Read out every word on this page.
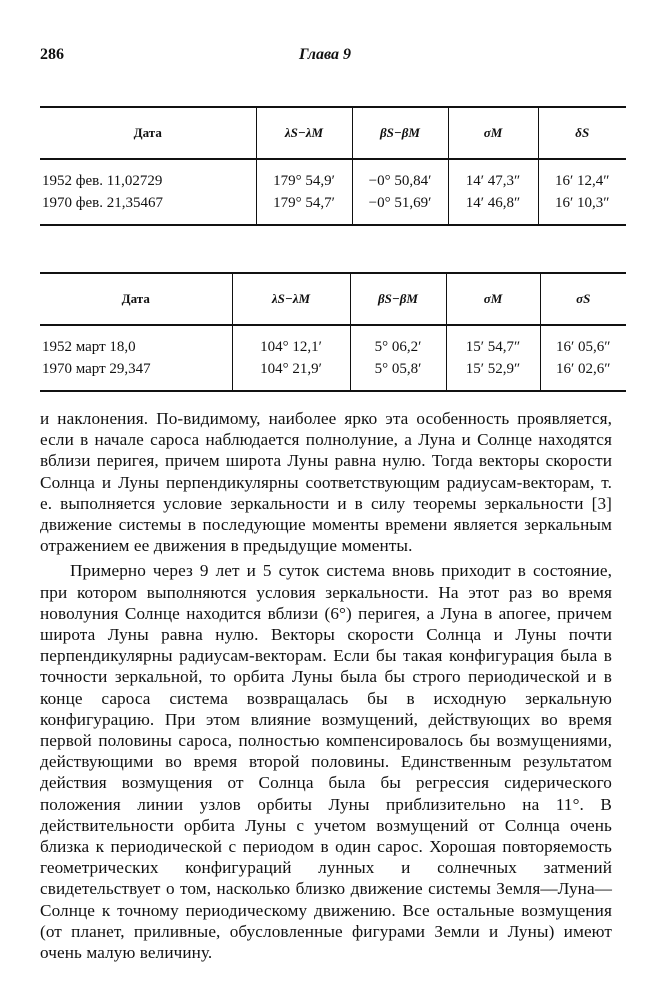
286	Глава 9
Дата	λS−λM	βS−βM	σM	δS

1952 фев. 11,02729	179° 54,9′	−0° 50,84′	14′ 47,3″	16′ 12,4″
1970 фев. 21,35467	179° 54,7′	−0° 51,69′	14′ 46,8″	16′ 10,3″

Дата	λS−λM	βS−βM	σM	σS

1952 март 18,0	104° 12,1′	5° 06,2′	15′ 54,7″	16′ 05,6″
1970 март 29,347	104° 21,9′	5° 05,8′	15′ 52,9″	16′ 02,6″

и наклонения. По-видимому, наиболее ярко эта особенность проявляется, если в начале сароса наблюдается полнолуние, а Луна и Солнце находятся вблизи перигея, причем широта Луны равна нулю. Тогда векторы скорости Солнца и Луны перпендикулярны соответствующим радиусам-векторам, т. е. выполняется условие зеркальности и в силу теоремы зеркальности [3] движение системы в последующие моменты времени является зеркальным отражением ее движения в предыдущие моменты.

Примерно через 9 лет и 5 суток система вновь приходит в состояние, при котором выполняются условия зеркальности. На этот раз во время новолуния Солнце находится вблизи (6°) перигея, а Луна в апогее, причем широта Луны равна нулю. Векторы скорости Солнца и Луны почти перпендикулярны радиусам-векторам. Если бы такая конфигурация была в точности зеркальной, то орбита Луны была бы строго периодической и в конце сароса система возвращалась бы в исходную зеркальную конфигурацию. При этом влияние возмущений, действующих во время первой половины сароса, полностью компенсировалось бы возмущениями, действующими во время второй половины. Единственным результатом действия возмущения от Солнца была бы регрессия сидерического положения линии узлов орбиты Луны приблизительно на 11°. В действительности орбита Луны с учетом возмущений от Солнца очень близка к периодической с периодом в один сарос. Хорошая повторяемость геометрических конфигураций лунных и солнечных затмений свидетельствует о том, насколько близко движение системы Земля—Луна—Солнце к точному периодическому движению. Все остальные возмущения (от планет, приливные, обусловленные фигурами Земли и Луны) имеют очень малую величину.
